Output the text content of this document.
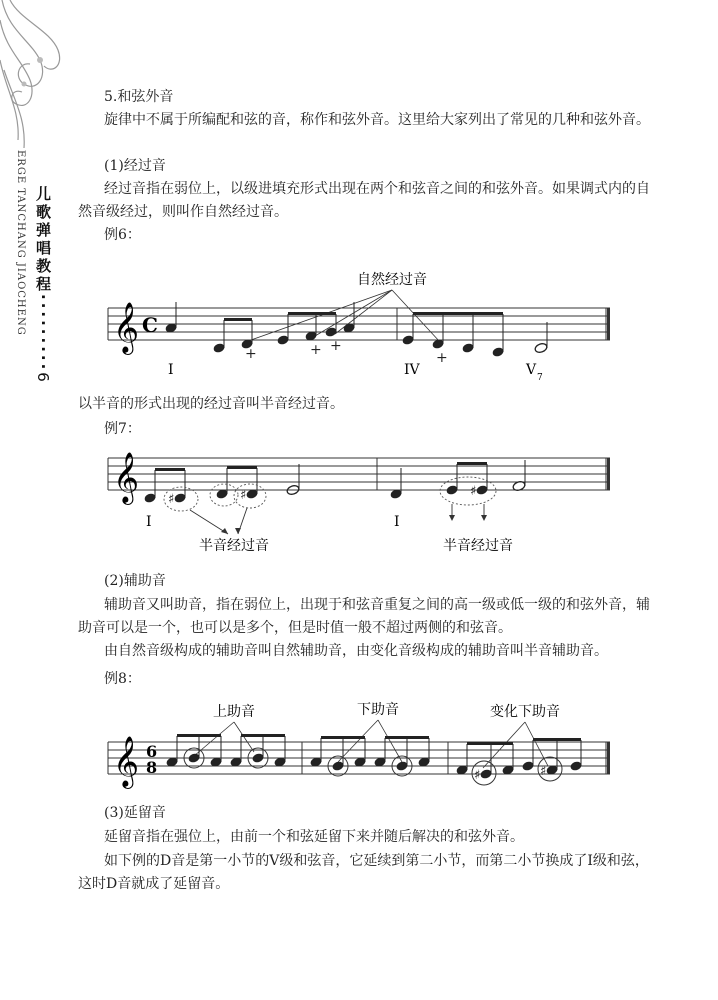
ERGE TANCHANG JIAOCHENG 儿歌弹唱教程·········6

5.和弦外音

旋律中不属于所编配和弦的音，称作和弦外音。这里给大家列出了常见的几种和弦外音。

(1)经过音

经过音指在弱位上，以级进填充形式出现在两个和弦音之间的和弦外音。如果调式内的自然音级经过，则叫作自然经过音。

例6：

自然经过音
𝄞 C
+	+ +
+
I	IV	V 7

以半音的形式出现的经过音叫半音经过音。

例7：

𝄞 ♯	♯	♯
I	I
半音经过音	半音经过音

(2)辅助音

辅助音又叫助音，指在弱位上，出现于和弦音重复之间的高一级或低一级的和弦外音，辅助音可以是一个，也可以是多个，但是时值一般不超过两侧的和弦音。

由自然音级构成的辅助音叫自然辅助音，由变化音级构成的辅助音叫半音辅助音。

例8：

上助音	下助音	变化下助音
𝄞 6
8	♯	♯

(3)延留音

延留音指在强位上，由前一个和弦延留下来并随后解决的和弦外音。

如下例的D音是第一小节的V级和弦音，它延续到第二小节，而第二小节换成了I级和弦，这时D音就成了延留音。
